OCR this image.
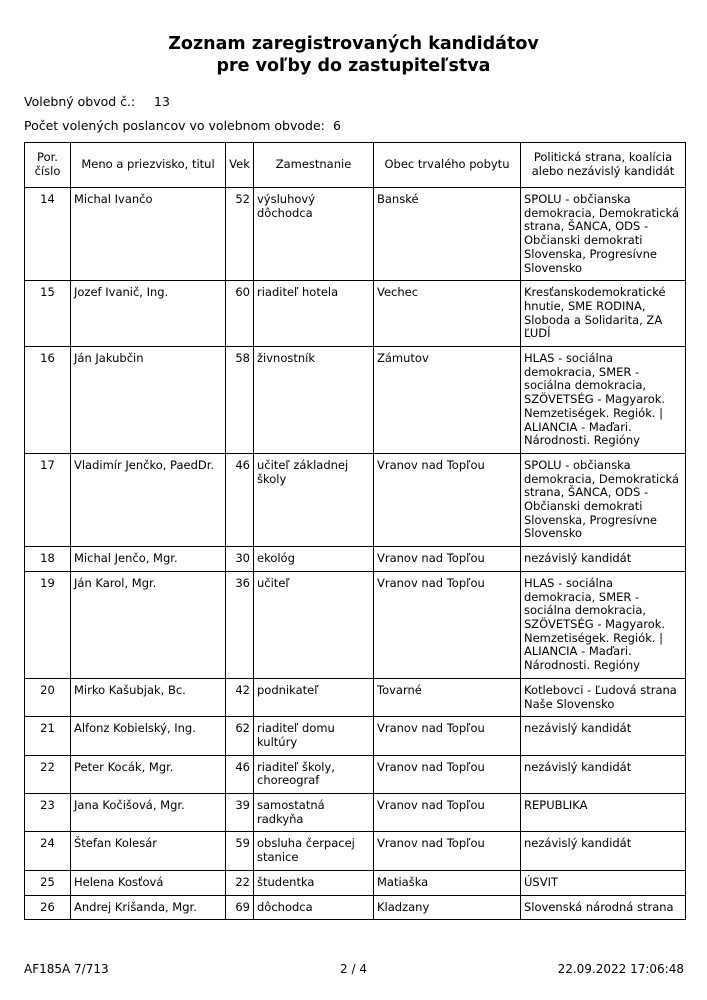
Zoznam zaregistrovaných kandidátov
pre voľby do zastupiteľstva
Volebný obvod č.: 13
Počet volených poslancov vo volebnom obvode: 6
Por. číslo	Meno a priezvisko, titul	Vek	Zamestnanie	Obec trvalého pobytu	Politická strana, koalícia alebo nezávislý kandidát
14	Michal Ivančo	52	výsluhový dôchodca	Banské	SPOLU - občianska demokracia, Demokratická strana, ŠANCA, ODS - Občianski demokrati Slovenska, Progresívne Slovensko
15	Jozef Ivanič, Ing.	60	riaditeľ hotela	Vechec	Kresťanskodemokratické hnutie, SME RODINA, Sloboda a Solidarita, ZA ĽUDÍ
16	Ján Jakubčin	58	živnostník	Zámutov	HLAS - sociálna demokracia, SMER - sociálna demokracia, SZÖVETSÉG - Magyarok. Nemzetiségek. Regiók. | ALIANCIA - Maďari. Národnosti. Regióny
17	Vladimír Jenčko, PaedDr.	46	učiteľ základnej školy	Vranov nad Topľou	SPOLU - občianska demokracia, Demokratická strana, ŠANCA, ODS - Občianski demokrati Slovenska, Progresívne Slovensko
18	Michal Jenčo, Mgr.	30	ekológ	Vranov nad Topľou	nezávislý kandidát
19	Ján Karol, Mgr.	36	učiteľ	Vranov nad Topľou	HLAS - sociálna demokracia, SMER - sociálna demokracia, SZÖVETSÉG - Magyarok. Nemzetiségek. Regiók. | ALIANCIA - Maďari. Národnosti. Regióny
20	Mirko Kašubjak, Bc.	42	podnikateľ	Tovarné	Kotlebovci - Ľudová strana Naše Slovensko
21	Alfonz Kobielský, Ing.	62	riaditeľ domu kultúry	Vranov nad Topľou	nezávislý kandidát
22	Peter Kocák, Mgr.	46	riaditeľ školy, choreograf	Vranov nad Topľou	nezávislý kandidát
23	Jana Kočišová, Mgr.	39	samostatná radkyňa	Vranov nad Topľou	REPUBLIKA
24	Štefan Kolesár	59	obsluha čerpacej stanice	Vranov nad Topľou	nezávislý kandidát
25	Helena Kosťová	22	študentka	Matiaška	ÚSVIT
26	Andrej Krišanda, Mgr.	69	dôchodca	Kladzany	Slovenská národná strana
AF185A 7/713	2 / 4	22.09.2022 17:06:48
